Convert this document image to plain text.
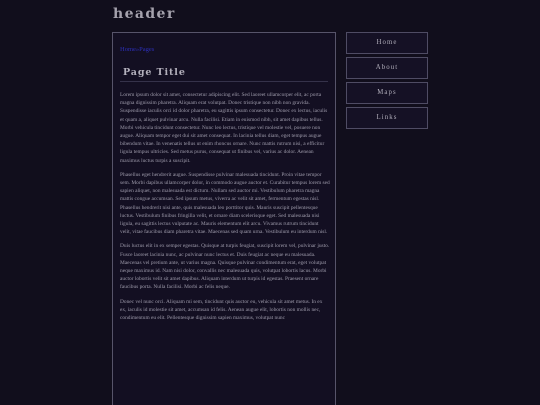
header
Home»Pages
Page Title

Lorem ipsum dolor sit amet, consectetur adipiscing elit. Sed laoreet ullamcorper elit, ac porta magna dignissim pharetra. Aliquam erat volutpat. Donec tristique non nibh non gravida. Suspendisse iaculis orci id dolor pharetra, eu sagittis ipsum consectetur. Donec ex lectus, iaculis et quam a, aliquet pulvinar arcu. Nulla facilisi. Etiam in euismod nibh, sit amet dapibus tellus. Morbi vehicula tincidunt consectetur. Nunc leo lectus, tristique vel molestie vel, posuere non augue. Aliquam tempor eget dui sit amet consequat. In lacinia tellus diam, eget tempus augue bibendum vitae. In venenatis tellus ut enim rhoncus ornare. Nunc mattis rutrum nisi, a efficitur ligula tempus ultricies. Sed metus purus, consequat ut finibus vel, varius ac dolor. Aenean maximus luctus turpis a suscipit.

Phasellus eget hendrerit augue. Suspendisse pulvinar malesuada tincidunt. Proin vitae tempor sem. Morbi dapibus ullamcorper dolor, in commodo augue auctor et. Curabitur tempus lorem sed sapien aliquet, non malesuada est dictum. Nullam sed auctor mi. Vestibulum pharetra magna mattis congue accumsan. Sed ipsum metus, viverra ac velit sit amet, fermentum egestas nisl. Phasellus hendrerit nisi ante, quis malesuada leo porttitor quis. Mauris suscipit pellentesque luctus. Vestibulum finibus fringilla velit, et ornare diam scelerisque eget. Sed malesuada nisi ligula, eu sagittis lectus vulputate ac. Mauris elementum elit arcu. Vivamus rutrum tincidunt velit, vitae faucibus diam pharetra vitae. Maecenas sed quam urna. Vestibulum eu interdum nisl.

Duis luctus elit in ex semper egestas. Quisque at turpis feugiat, suscipit lorem vel, pulvinar justo. Fusce laoreet lacinia nunc, ac pulvinar nunc lectus et. Duis feugiat ac neque eu malesuada. Maecenas vel pretium ante, ut varius magna. Quisque pulvinar condimentum erat, eget volutpat neque maximus id. Nam nisi dolor, convallis nec malesuada quis, volutpat lobortis lacus. Morbi auctor lobortis velit sit amet dapibus. Aliquam interdum ut turpis id egestas. Praesent ornare faucibus porta. Nulla facilisi. Morbi ac felis neque.

Donec vel nunc orci. Aliquam mi sem, tincidunt quis auctor eu, vehicula sit amet metus. In ex ex, iaculis id molestie sit amet, accumsan id felis. Aenean augue elit, lobortis non mollis nec, condimentum eu elit. Pellentesque dignissim sapien maximus, volutpat nunc

Home
About
Maps
Links
